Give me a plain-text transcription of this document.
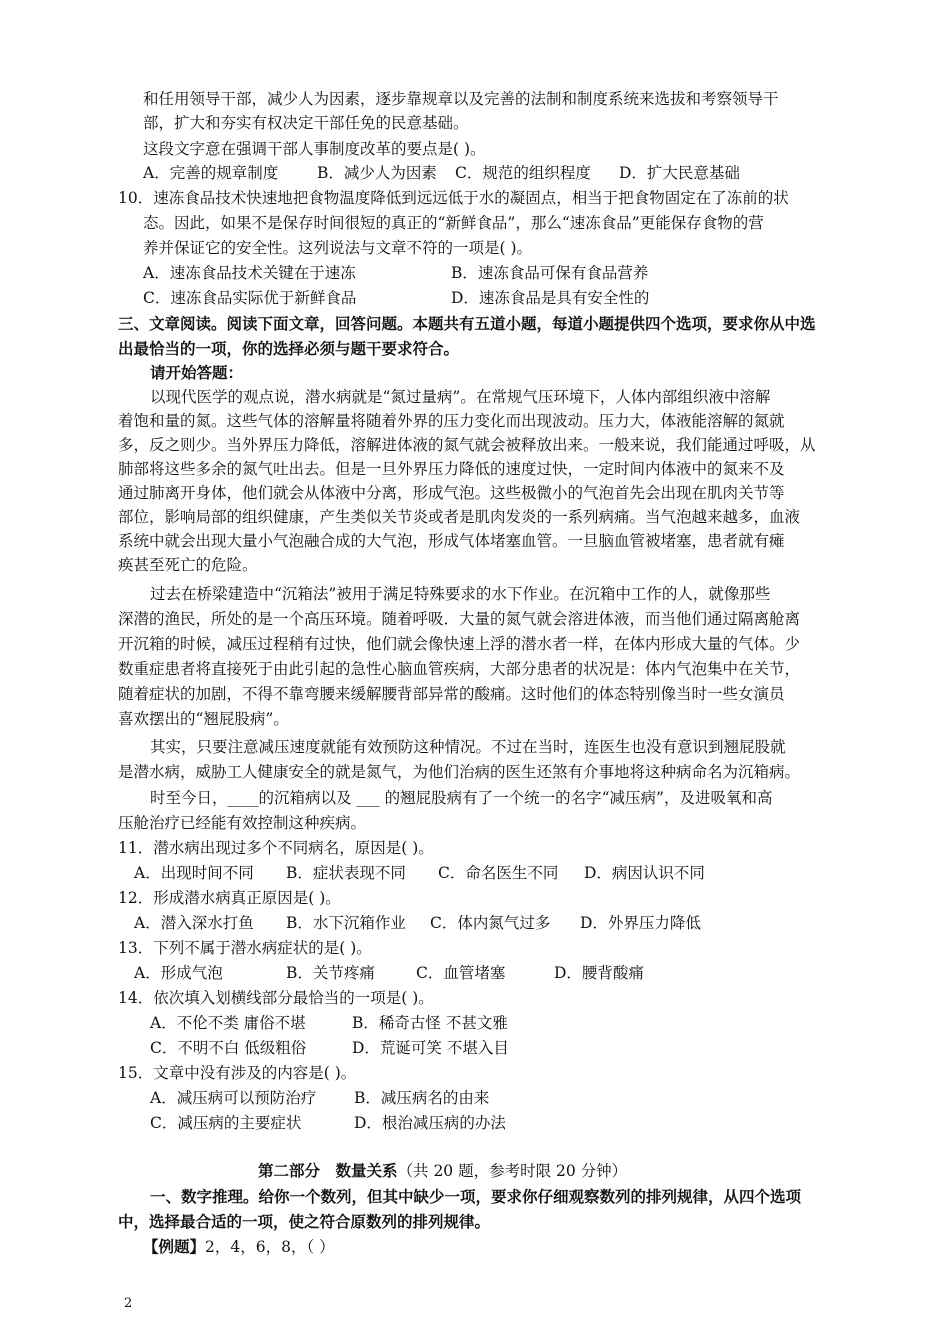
和任用领导干部，减少人为因素，逐步靠规章以及完善的法制和制度系统来选拔和考察领导干
部，扩大和夯实有权决定干部任免的民意基础。
这段文字意在强调干部人事制度改革的要点是( )。
A．完善的规章制度	B．减少人为因素 C．规范的组织程度 D．扩大民意基础
10．速冻食品技术快速地把食物温度降低到远远低于水的凝固点，相当于把食物固定在了冻前的状
态。因此，如果不是保存时间很短的真正的“新鲜食品”，那么“速冻食品”更能保存食物的营
养并保证它的安全性。这列说法与文章不符的一项是( )。
A．速冻食品技术关键在于速冻	B．速冻食品可保有食品营养
C．速冻食品实际优于新鲜食品	D．速冻食品是具有安全性的
三、文章阅读。阅读下面文章，回答问题。本题共有五道小题，每道小题提供四个选项，要求你从中选
出最恰当的一项，你的选择必须与题干要求符合。
请开始答题：
以现代医学的观点说，潜水病就是“氮过量病”。在常规气压环境下，人体内部组织液中溶解
着饱和量的氮。这些气体的溶解量将随着外界的压力变化而出现波动。压力大，体液能溶解的氮就
多，反之则少。当外界压力降低，溶解进体液的氮气就会被释放出来。一般来说，我们能通过呼吸，从
肺部将这些多余的氮气吐出去。但是一旦外界压力降低的速度过快，一定时间内体液中的氮来不及
通过肺离开身体，他们就会从体液中分离，形成气泡。这些极微小的气泡首先会出现在肌肉关节等
部位，影响局部的组织健康，产生类似关节炎或者是肌肉发炎的一系列病痛。当气泡越来越多，血液
系统中就会出现大量小气泡融合成的大气泡，形成气体堵塞血管。一旦脑血管被堵塞，患者就有瘫
痪甚至死亡的危险。
过去在桥梁建造中“沉箱法”被用于满足特殊要求的水下作业。在沉箱中工作的人，就像那些
深潜的渔民，所处的是一个高压环境。随着呼吸．大量的氮气就会溶进体液，而当他们通过隔离舱离
开沉箱的时候，减压过程稍有过快，他们就会像快速上浮的潜水者一样，在体内形成大量的气体。少
数重症患者将直接死于由此引起的急性心脑血管疾病，大部分患者的状况是：体内气泡集中在关节，
随着症状的加剧，不得不靠弯腰来缓解腰背部异常的酸痛。这时他们的体态特别像当时一些女演员
喜欢摆出的“翘屁股病”。
其实，只要注意减压速度就能有效预防这种情况。不过在当时，连医生也没有意识到翘屁股就
是潜水病，威胁工人健康安全的就是氮气，为他们治病的医生还煞有介事地将这种病命名为沉箱病。
时至今日，____的沉箱病以及 ___ 的翘屁股病有了一个统一的名字“减压病”，及进吸氧和高
压舱治疗已经能有效控制这种疾病。
11．潜水病出现过多个不同病名，原因是( )。
A．出现时间不同 B．症状表现不同 C．命名医生不同 D．病因认识不同
12．形成潜水病真正原因是( )。
A．潜入深水打鱼 B．水下沉箱作业 C．体内氮气过多 D．外界压力降低
13．下列不属于潜水病症状的是( )。
A．形成气泡	B．关节疼痛	C．血管堵塞	D．腰背酸痛
14．依次填入划横线部分最恰当的一项是( )。
A．不伦不类 庸俗不堪	B．稀奇古怪 不甚文雅
C．不明不白 低级粗俗	D．荒诞可笑 不堪入目
15．文章中没有涉及的内容是( )。
A．减压病可以预防治疗 B．减压病名的由来
C．减压病的主要症状	D．根治减压病的办法
第二部分　数量关系（共 20 题，参考时限 20 分钟）
一、数字推理。给你一个数列，但其中缺少一项，要求你仔细观察数列的排列规律，从四个选项
中，选择最合适的一项，使之符合原数列的排列规律。
【例题】2，4，6，8，（ ）
2
